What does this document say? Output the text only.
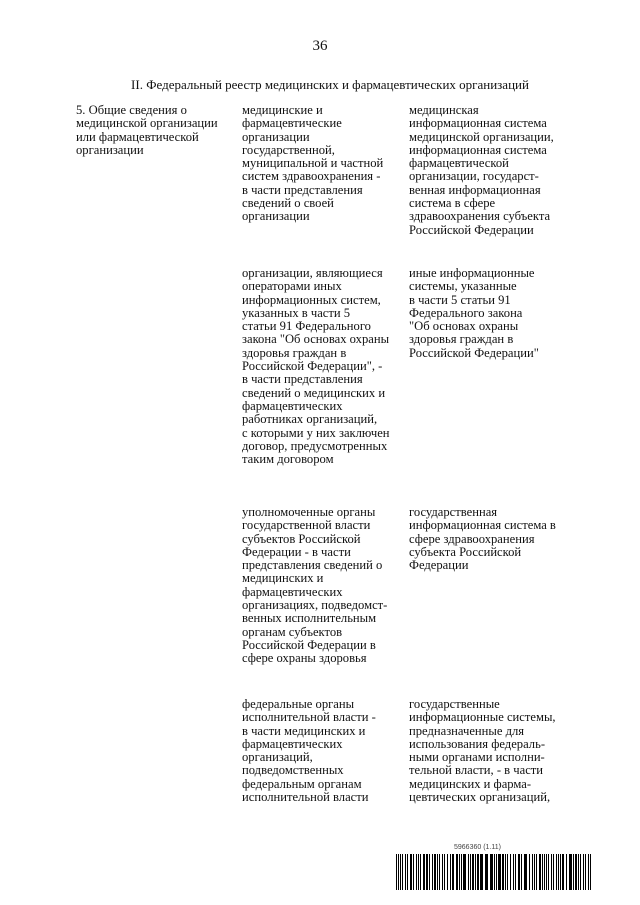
36
II. Федеральный реестр медицинских и фармацевтических организаций
5. Общие сведения о
медицинской организации
или фармацевтической
организации
медицинские и
фармацевтические
организации
государственной,
муниципальной и частной
систем здравоохранения -
в части представления
сведений о своей
организации
медицинская
информационная система
медицинской организации,
информационная система
фармацевтической
организации, государст-
венная информационная
система в сфере
здравоохранения субъекта
Российской Федерации
организации, являющиеся
операторами иных
информационных систем,
указанных в части 5
статьи 91 Федерального
закона "Об основах охраны
здоровья граждан в
Российской Федерации", -
в части представления
сведений о медицинских и
фармацевтических
работниках организаций,
с которыми у них заключен
договор, предусмотренных
таким договором
иные информационные
системы, указанные
в части 5 статьи 91
Федерального закона
"Об основах охраны
здоровья граждан в
Российской Федерации"
уполномоченные органы
государственной власти
субъектов Российской
Федерации - в части
представления сведений о
медицинских и
фармацевтических
организациях, подведомст-
венных исполнительным
органам субъектов
Российской Федерации в
сфере охраны здоровья
государственная
информационная система в
сфере здравоохранения
субъекта Российской
Федерации
федеральные органы
исполнительной власти -
в части медицинских и
фармацевтических
организаций,
подведомственных
федеральным органам
исполнительной власти
государственные
информационные системы,
предназначенные для
использования федераль-
ными органами исполни-
тельной власти, - в части
медицинских и фарма-
цевтических организаций,
5966360 (1.11)
